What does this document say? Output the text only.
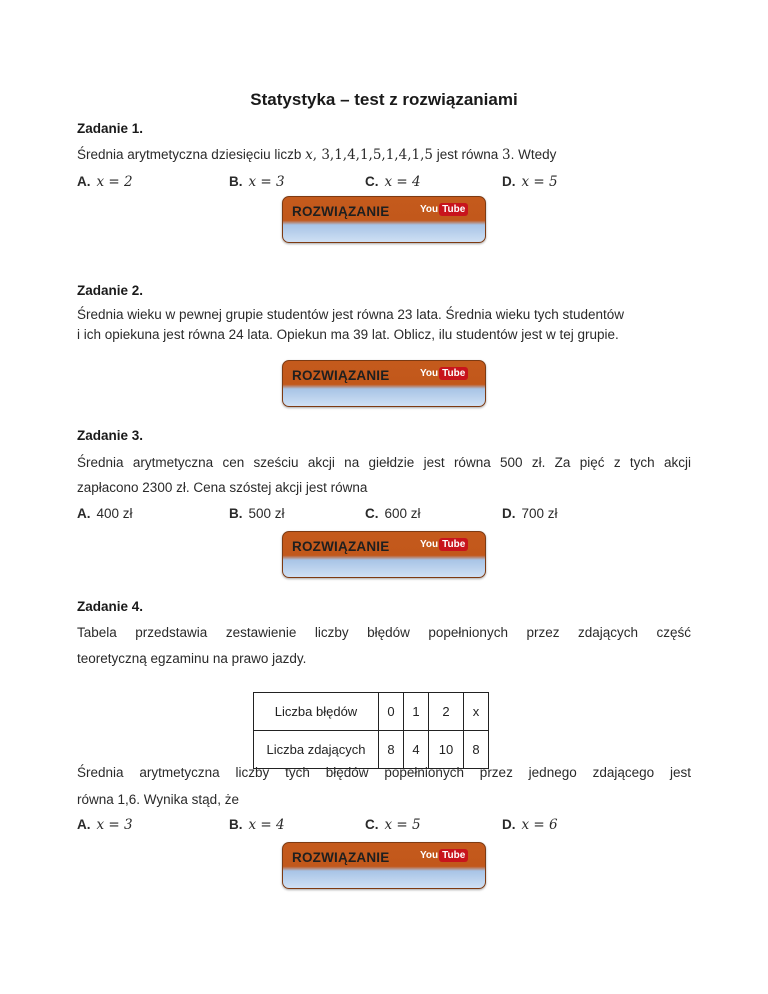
Statystyka – test z rozwiązaniami
Zadanie 1.
Średnia arytmetyczna dziesięciu liczb x, 3,1,4,1,5,1,4,1,5 jest równa 3. Wtedy
A. x = 2	B. x = 3	C. x = 4	D. x = 5
ROZWIĄZANIE	You Tube
Zadanie 2.
Średnia wieku w pewnej grupie studentów jest równa 23 lata. Średnia wieku tych studentów
i ich opiekuna jest równa 24 lata. Opiekun ma 39 lat. Oblicz, ilu studentów jest w tej grupie.
ROZWIĄZANIE	You Tube
Zadanie 3.
Średnia arytmetyczna cen sześciu akcji na giełdzie jest równa 500 zł. Za pięć z tych akcji
zapłacono 2300 zł. Cena szóstej akcji jest równa
A. 400 zł	B. 500 zł	C. 600 zł	D. 700 zł
ROZWIĄZANIE	You Tube
Zadanie 4.
Tabela przedstawia zestawienie liczby błędów popełnionych przez zdających część
teoretyczną egzaminu na prawo jazdy.
Liczba błędów	0	1	2	x
Liczba zdających	8	4	10	8
Średnia arytmetyczna liczby tych błędów popełnionych przez jednego zdającego jest
równa 1,6. Wynika stąd, że
A. x = 3	B. x = 4	C. x = 5	D. x = 6
ROZWIĄZANIE	You Tube
